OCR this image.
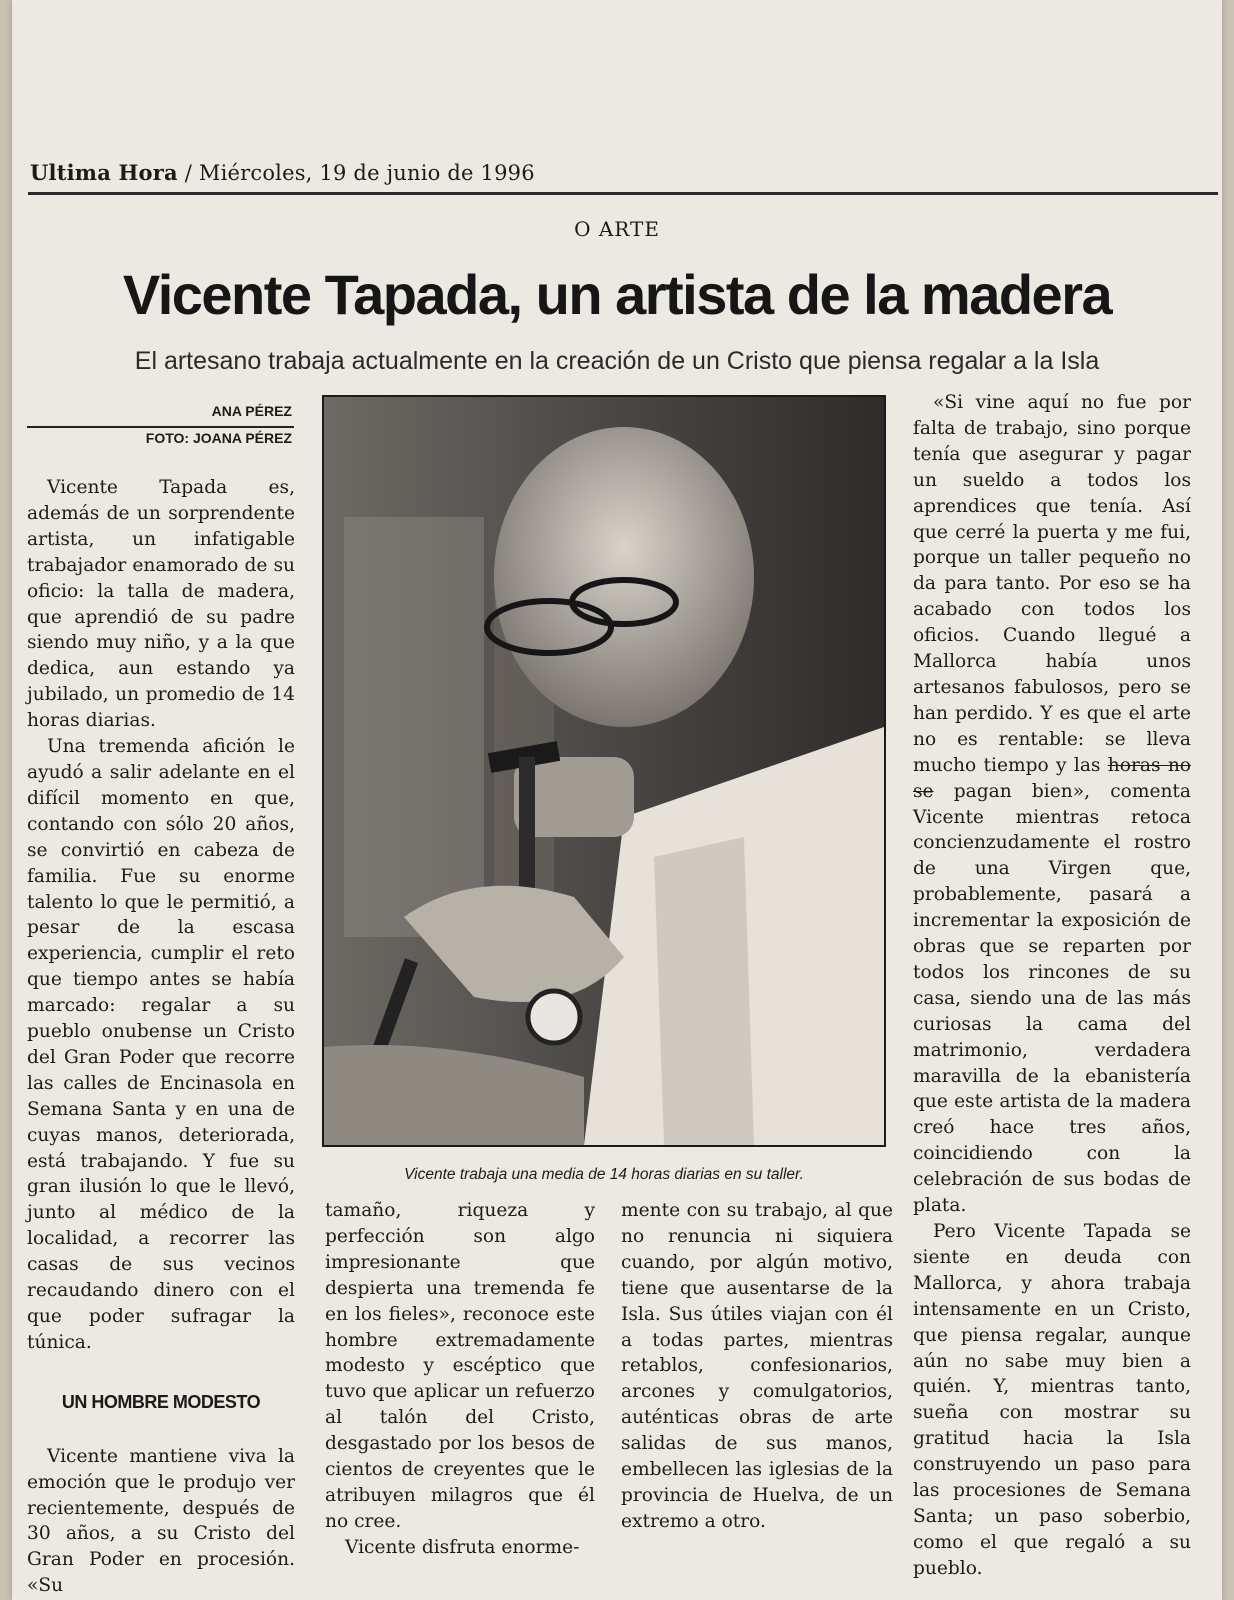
Ultima Hora / Miércoles, 19 de junio de 1996
O ARTE
Vicente Tapada, un artista de la madera
El artesano trabaja actualmente en la creación de un Cristo que piensa regalar a la Isla
ANA PÉREZ
FOTO: JOANA PÉREZ

Vicente Tapada es, además de un sorprendente artista, un infatigable trabajador enamorado de su oficio: la talla de madera, que aprendió de su padre siendo muy niño, y a la que dedica, aun estando ya jubilado, un promedio de 14 horas diarias.

Una tremenda afición le ayudó a salir adelante en el difícil momento en que, contando con sólo 20 años, se convirtió en cabeza de familia. Fue su enorme talento lo que le permitió, a pesar de la escasa experiencia, cumplir el reto que tiempo antes se había marcado: regalar a su pueblo onubense un Cristo del Gran Poder que recorre las calles de Encinasola en Semana Santa y en una de cuyas manos, deteriorada, está trabajando. Y fue su gran ilusión lo que le llevó, junto al médico de la localidad, a recorrer las casas de sus vecinos recaudando dinero con el que poder sufragar la túnica.

UN HOMBRE MODESTO

Vicente mantiene viva la emoción que le produjo ver recientemente, después de 30 años, a su Cristo del Gran Poder en procesión. «Su

Vicente trabaja una media de 14 horas diarias en su taller.

tamaño, riqueza y perfección son algo impresionante que despierta una tremenda fe en los fieles», reconoce este hombre extremadamente modesto y escéptico que tuvo que aplicar un refuerzo al talón del Cristo, desgastado por los besos de cientos de creyentes que le atribuyen milagros que él no cree.

Vicente disfruta enorme-

mente con su trabajo, al que no renuncia ni siquiera cuando, por algún motivo, tiene que ausentarse de la Isla. Sus útiles viajan con él a todas partes, mientras retablos, confesionarios, arcones y comulgatorios, auténticas obras de arte salidas de sus manos, embellecen las iglesias de la provincia de Huelva, de un extremo a otro.

«Si vine aquí no fue por falta de trabajo, sino porque tenía que asegurar y pagar un sueldo a todos los aprendices que tenía. Así que cerré la puerta y me fui, porque un taller pequeño no da para tanto. Por eso se ha acabado con todos los oficios. Cuando llegué a Mallorca había unos artesanos fabulosos, pero se han perdido. Y es que el arte no es rentable: se lleva mucho tiempo y las horas no se pagan bien», comenta Vicente mientras retoca concienzudamente el rostro de una Virgen que, probablemente, pasará a incrementar la exposición de obras que se reparten por todos los rincones de su casa, siendo una de las más curiosas la cama del matrimonio, verdadera maravilla de la ebanistería que este artista de la madera creó hace tres años, coincidiendo con la celebración de sus bodas de plata.

Pero Vicente Tapada se siente en deuda con Mallorca, y ahora trabaja intensamente en un Cristo, que piensa regalar, aunque aún no sabe muy bien a quién. Y, mientras tanto, sueña con mostrar su gratitud hacia la Isla construyendo un paso para las procesiones de Semana Santa; un paso soberbio, como el que regaló a su pueblo.
